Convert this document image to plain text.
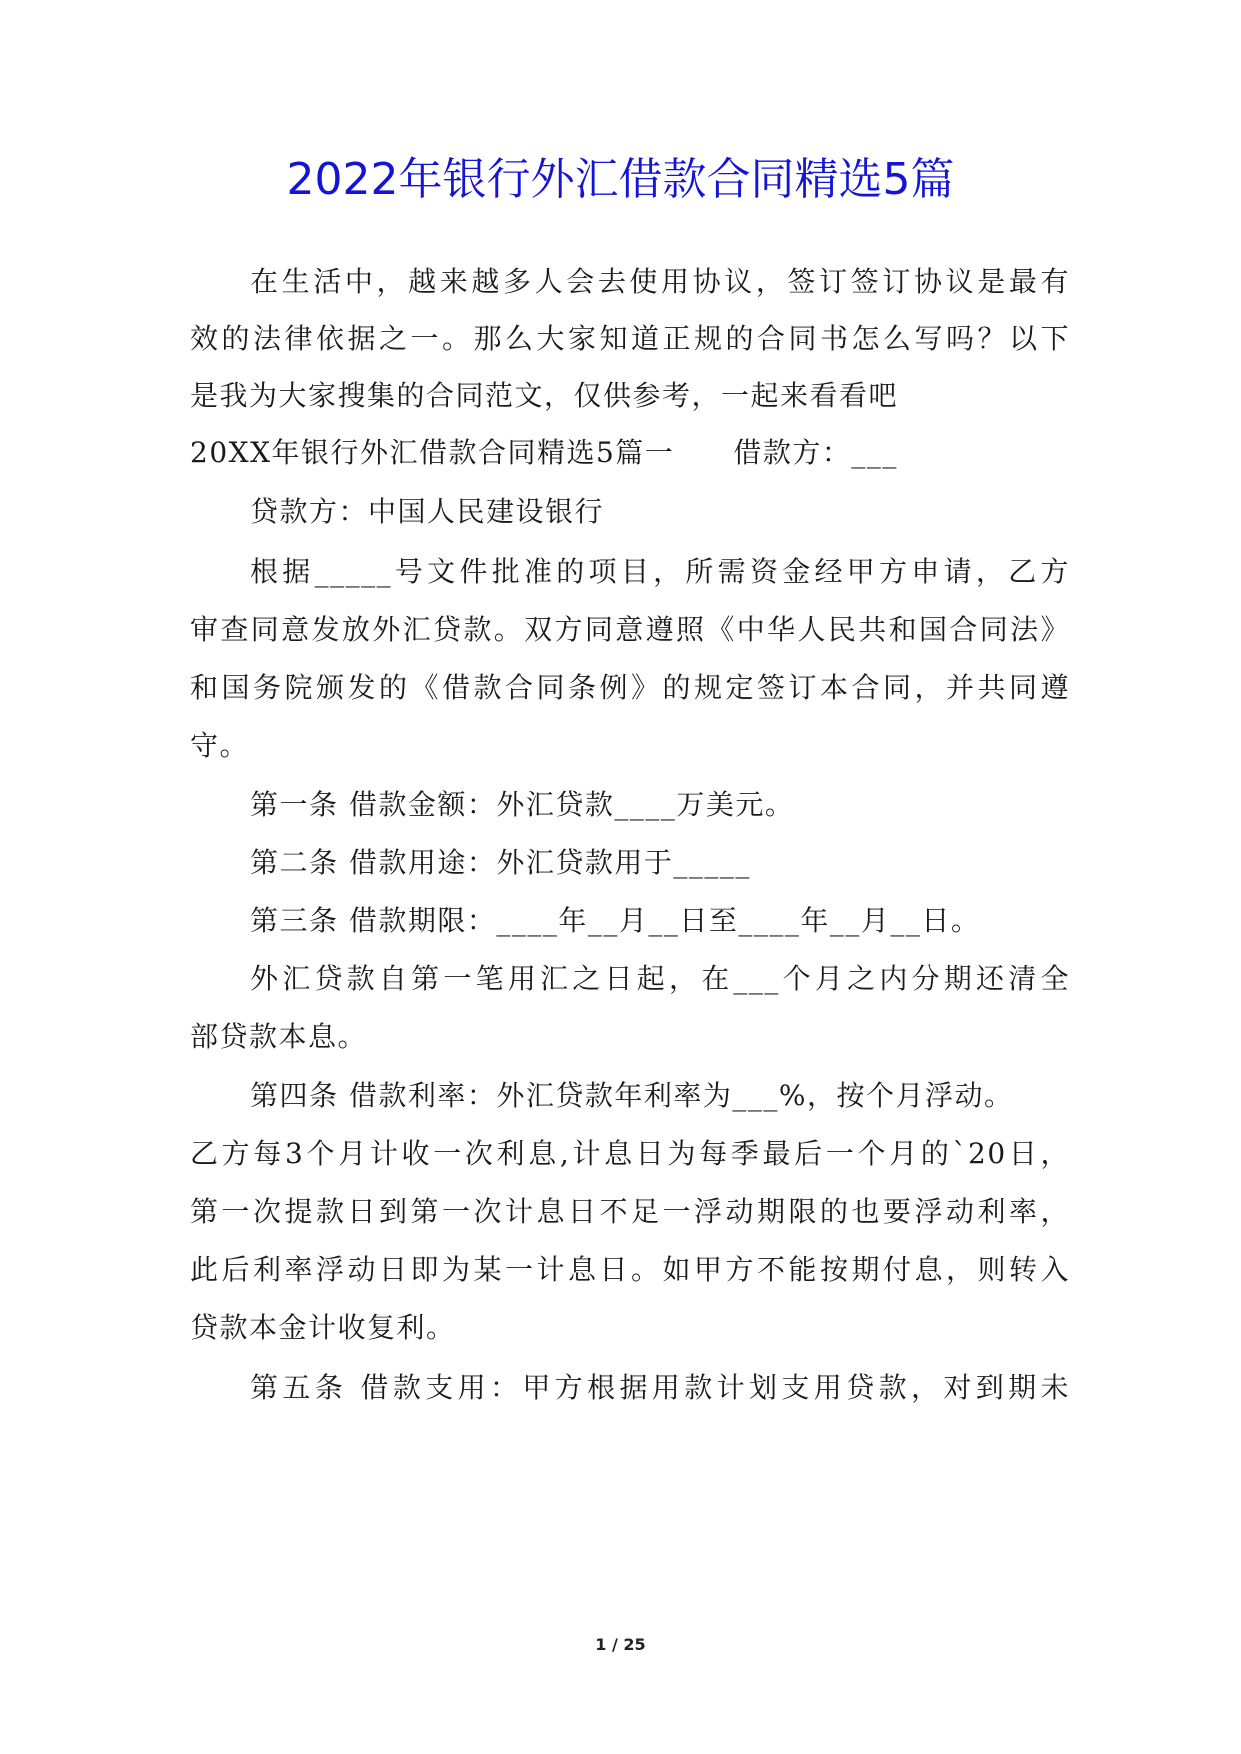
2022年银行外汇借款合同精选5篇
在生活中，越来越多人会去使用协议，签订签订协议是最有
效的法律依据之一。那么大家知道正规的合同书怎么写吗？以下
是我为大家搜集的合同范文，仅供参考，一起来看看吧
20XX年银行外汇借款合同精选5篇一　　借款方：___
贷款方：中国人民建设银行
根据_____号文件批准的项目，所需资金经甲方申请，乙方
审查同意发放外汇贷款。双方同意遵照《中华人民共和国合同法》
和国务院颁发的《借款合同条例》的规定签订本合同，并共同遵
守。
第一条 借款金额：外汇贷款____万美元。
第二条 借款用途：外汇贷款用于_____
第三条 借款期限：____年__月__日至____年__月__日。
外汇贷款自第一笔用汇之日起，在___个月之内分期还清全
部贷款本息。
第四条 借款利率：外汇贷款年利率为___%，按个月浮动。
乙方每3个月计收一次利息,计息日为每季最后一个月的`20日，
第一次提款日到第一次计息日不足一浮动期限的也要浮动利率，
此后利率浮动日即为某一计息日。如甲方不能按期付息，则转入
贷款本金计收复利。
第五条 借款支用：甲方根据用款计划支用贷款，对到期未
1 / 25
